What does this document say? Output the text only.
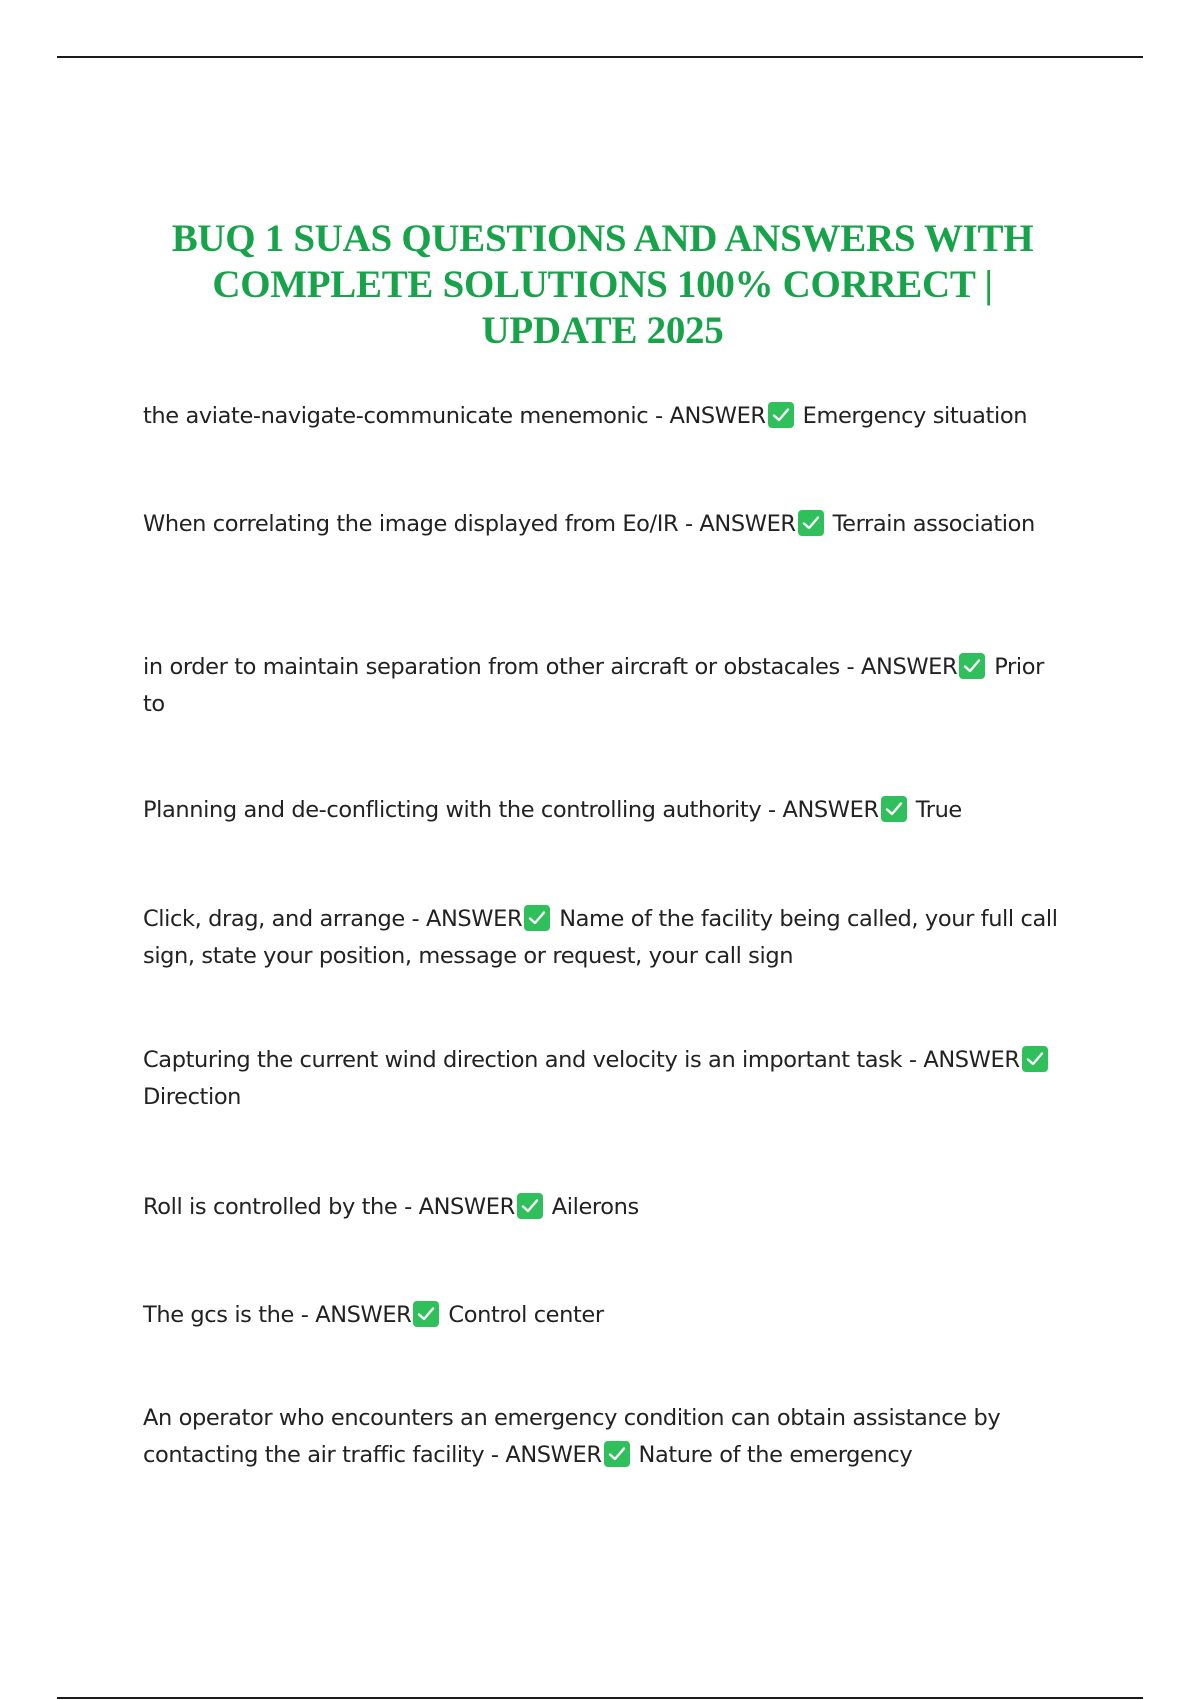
BUQ 1 SUAS QUESTIONS AND ANSWERS WITH COMPLETE SOLUTIONS 100% CORRECT | UPDATE 2025

the aviate-navigate-communicate menemonic - ANSWER Emergency situation

When correlating the image displayed from Eo/IR - ANSWER Terrain association

in order to maintain separation from other aircraft or obstacales - ANSWER Prior to

Planning and de-conflicting with the controlling authority - ANSWER True

Click, drag, and arrange - ANSWER Name of the facility being called, your full call sign, state your position, message or request, your call sign

Capturing the current wind direction and velocity is an important task - ANSWER
Direction

Roll is controlled by the - ANSWER Ailerons

The gcs is the - ANSWER Control center

An operator who encounters an emergency condition can obtain assistance by contacting the air traffic facility - ANSWER Nature of the emergency
